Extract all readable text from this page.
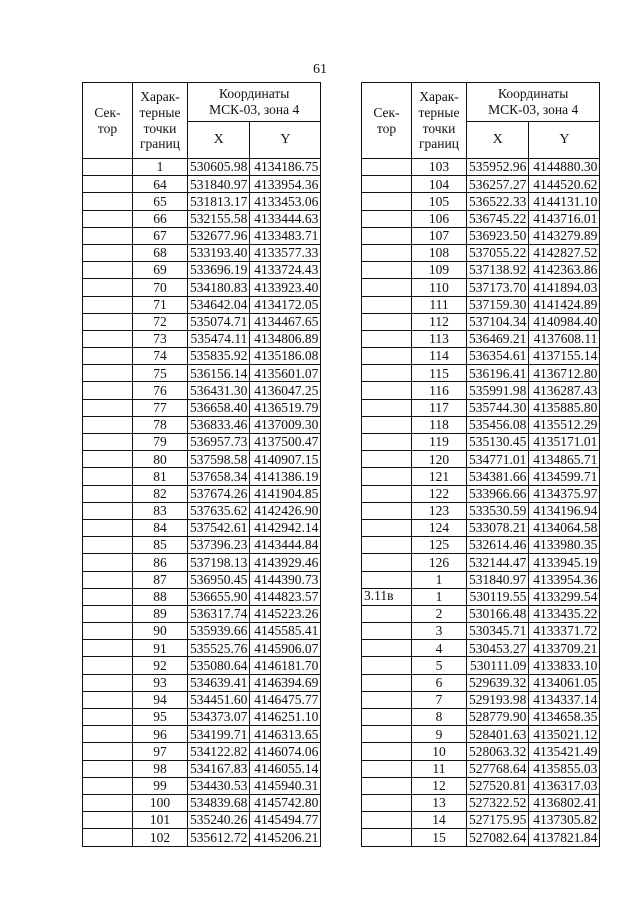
61
Сек-
тор	Харак-
терные
точки
границ	Координаты
МСК-03, зона 4	
		X	Y
	1	530605.98	4134186.75
	64	531840.97	4133954.36
	65	531813.17	4133453.06
	66	532155.58	4133444.63
	67	532677.96	4133483.71
	68	533193.40	4133577.33
	69	533696.19	4133724.43
	70	534180.83	4133923.40
	71	534642.04	4134172.05
	72	535074.71	4134467.65
	73	535474.11	4134806.89
	74	535835.92	4135186.08
	75	536156.14	4135601.07
	76	536431.30	4136047.25
	77	536658.40	4136519.79
	78	536833.46	4137009.30
	79	536957.73	4137500.47
	80	537598.58	4140907.15
	81	537658.34	4141386.19
	82	537674.26	4141904.85
	83	537635.62	4142426.90
	84	537542.61	4142942.14
	85	537396.23	4143444.84
	86	537198.13	4143929.46
	87	536950.45	4144390.73
	88	536655.90	4144823.57
	89	536317.74	4145223.26
	90	535939.66	4145585.41
	91	535525.76	4145906.07
	92	535080.64	4146181.70
	93	534639.41	4146394.69
	94	534451.60	4146475.77
	95	534373.07	4146251.10
	96	534199.71	4146313.65
	97	534122.82	4146074.06
	98	534167.83	4146055.14
	99	534430.53	4145940.31
	100	534839.68	4145742.80
	101	535240.26	4145494.77
	102	535612.72	4145206.21
Сек-
тор	Харак-
терные
точки
границ	Координаты
МСК-03, зона 4	
		X	Y
	103	535952.96	4144880.30
	104	536257.27	4144520.62
	105	536522.33	4144131.10
	106	536745.22	4143716.01
	107	536923.50	4143279.89
	108	537055.22	4142827.52
	109	537138.92	4142363.86
	110	537173.70	4141894.03
	111	537159.30	4141424.89
	112	537104.34	4140984.40
	113	536469.21	4137608.11
	114	536354.61	4137155.14
	115	536196.41	4136712.80
	116	535991.98	4136287.43
	117	535744.30	4135885.80
	118	535456.08	4135512.29
	119	535130.45	4135171.01
	120	534771.01	4134865.71
	121	534381.66	4134599.71
	122	533966.66	4134375.97
	123	533530.59	4134196.94
	124	533078.21	4134064.58
	125	532614.46	4133980.35
	126	532144.47	4133945.19
	1	531840.97	4133954.36
3.11в	1	530119.55	4133299.54
	2	530166.48	4133435.22
	3	530345.71	4133371.72
	4	530453.27	4133709.21
	5	530111.09	4133833.10
	6	529639.32	4134061.05
	7	529193.98	4134337.14
	8	528779.90	4134658.35
	9	528401.63	4135021.12
	10	528063.32	4135421.49
	11	527768.64	4135855.03
	12	527520.81	4136317.03
	13	527322.52	4136802.41
	14	527175.95	4137305.82
	15	527082.64	4137821.84
